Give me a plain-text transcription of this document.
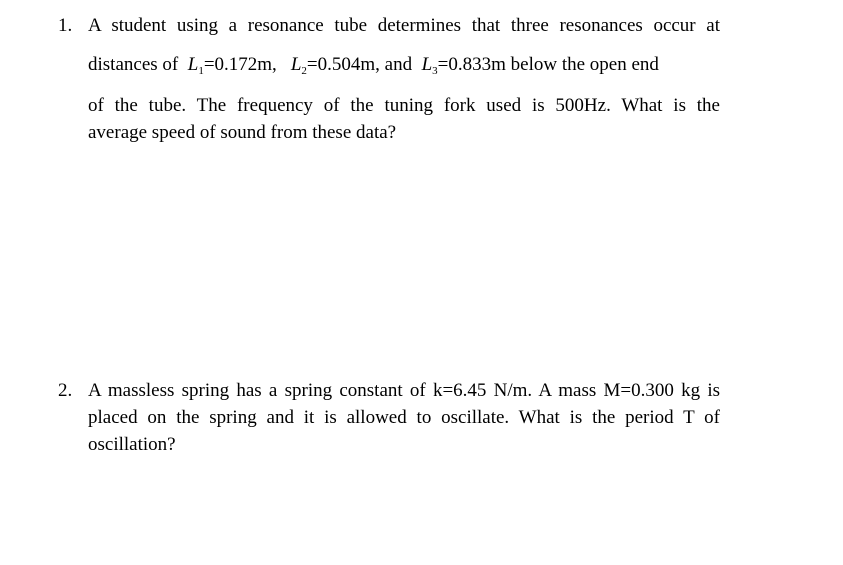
1. A student using a resonance tube determines that three resonances occur at
distances of $L_1=0.172m$, $L_2=0.504m$, and $L_3=0.833m$ below the open end
of the tube. The frequency of the tuning fork used is 500Hz. What is the
average speed of sound from these data?
2. A massless spring has a spring constant of k=6.45 N/m. A mass M=0.300 kg is
placed on the spring and it is allowed to oscillate. What is the period T of
oscillation?
